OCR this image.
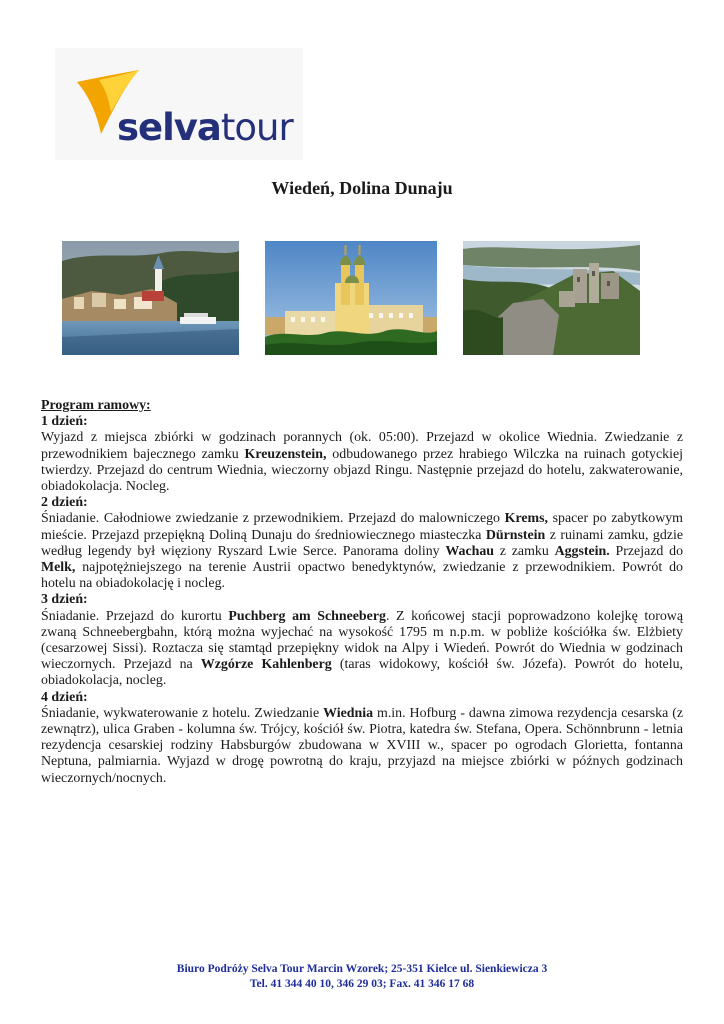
selvatour
Wiedeń, Dolina Dunaju

Program ramowy:

1 dzień:

Wyjazd z miejsca zbiórki w godzinach porannych (ok. 05:00). Przejazd w okolice Wiednia. Zwiedzanie z przewodnikiem bajecznego zamku Kreuzenstein, odbudowanego przez hrabiego Wilczka na ruinach gotyckiej twierdzy. Przejazd do centrum Wiednia, wieczorny objazd Ringu. Następnie przejazd do hotelu, zakwaterowanie, obiadokolacja. Nocleg.

2 dzień:

Śniadanie. Całodniowe zwiedzanie z przewodnikiem. Przejazd do malowniczego Krems, spacer po zabytkowym mieście. Przejazd przepiękną Doliną Dunaju do średniowiecznego miasteczka Dürnstein z ruinami zamku, gdzie według legendy był więziony Ryszard Lwie Serce. Panorama doliny Wachau z zamku Aggstein. Przejazd do Melk, najpotężniejszego na terenie Austrii opactwo benedyktynów, zwiedzanie z przewodnikiem. Powrót do hotelu na obiadokolację i nocleg.

3 dzień:

Śniadanie. Przejazd do kurortu Puchberg am Schneeberg. Z końcowej stacji poprowadzono kolejkę torową zwaną Schneebergbahn, którą można wyjechać na wysokość 1795 m n.p.m. w pobliże kościółka św. Elżbiety (cesarzowej Sissi). Roztacza się stamtąd przepiękny widok na Alpy i Wiedeń. Powrót do Wiednia w godzinach wieczornych. Przejazd na Wzgórze Kahlenberg (taras widokowy, kościół św. Józefa). Powrót do hotelu, obiadokolacja, nocleg.

4 dzień:

Śniadanie, wykwaterowanie z hotelu. Zwiedzanie Wiednia m.in. Hofburg - dawna zimowa rezydencja cesarska (z zewnątrz), ulica Graben - kolumna św. Trójcy, kościół św. Piotra, katedra św. Stefana, Opera. Schönnbrunn - letnia rezydencja cesarskiej rodziny Habsburgów zbudowana w XVIII w., spacer po ogrodach Glorietta, fontanna Neptuna, palmiarnia. Wyjazd w drogę powrotną do kraju, przyjazd na miejsce zbiórki w późnych godzinach wieczornych/nocnych.

Biuro Podróży Selva Tour Marcin Wzorek; 25-351 Kielce ul. Sienkiewicza 3
Tel. 41 344 40 10, 346 29 03; Fax. 41 346 17 68
